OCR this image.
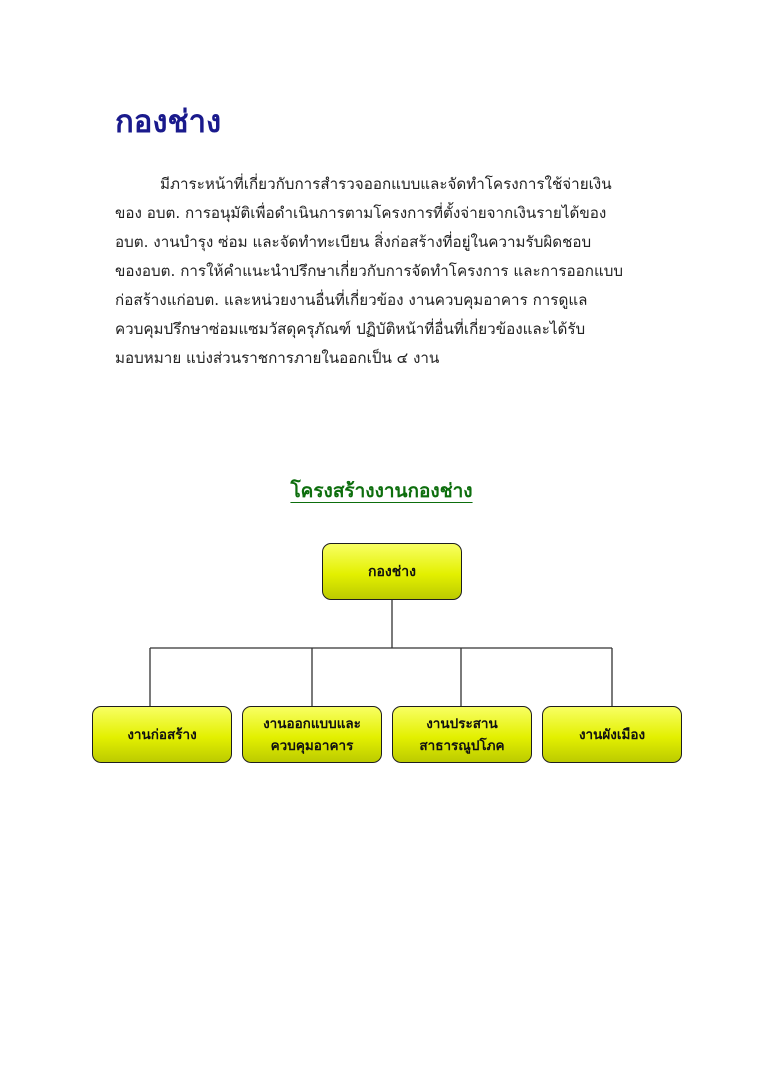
กองช่าง
มีภาระหน้าที่เกี่ยวกับการสำรวจออกแบบและจัดทำโครงการใช้จ่ายเงิน
ของ อบต. การอนุมัติเพื่อดำเนินการตามโครงการที่ตั้งจ่ายจากเงินรายได้ของ
อบต. งานบำรุง ซ่อม และจัดทำทะเบียน สิ่งก่อสร้างที่อยู่ในความรับผิดชอบ
ของอบต. การให้คำแนะนำปรึกษาเกี่ยวกับการจัดทำโครงการ และการออกแบบ
ก่อสร้างแก่อบต. และหน่วยงานอื่นที่เกี่ยวข้อง งานควบคุมอาคาร การดูแล
ควบคุมปรึกษาซ่อมแซมวัสดุครุภัณฑ์ ปฏิบัติหน้าที่อื่นที่เกี่ยวข้องและได้รับ
มอบหมาย แบ่งส่วนราชการภายในออกเป็น ๔ งาน
โครงสร้างงานกองช่าง
กองช่าง
งานก่อสร้าง
งานออกแบบและ
ควบคุมอาคาร
งานประสาน
สาธารณูปโภค
งานผังเมือง
